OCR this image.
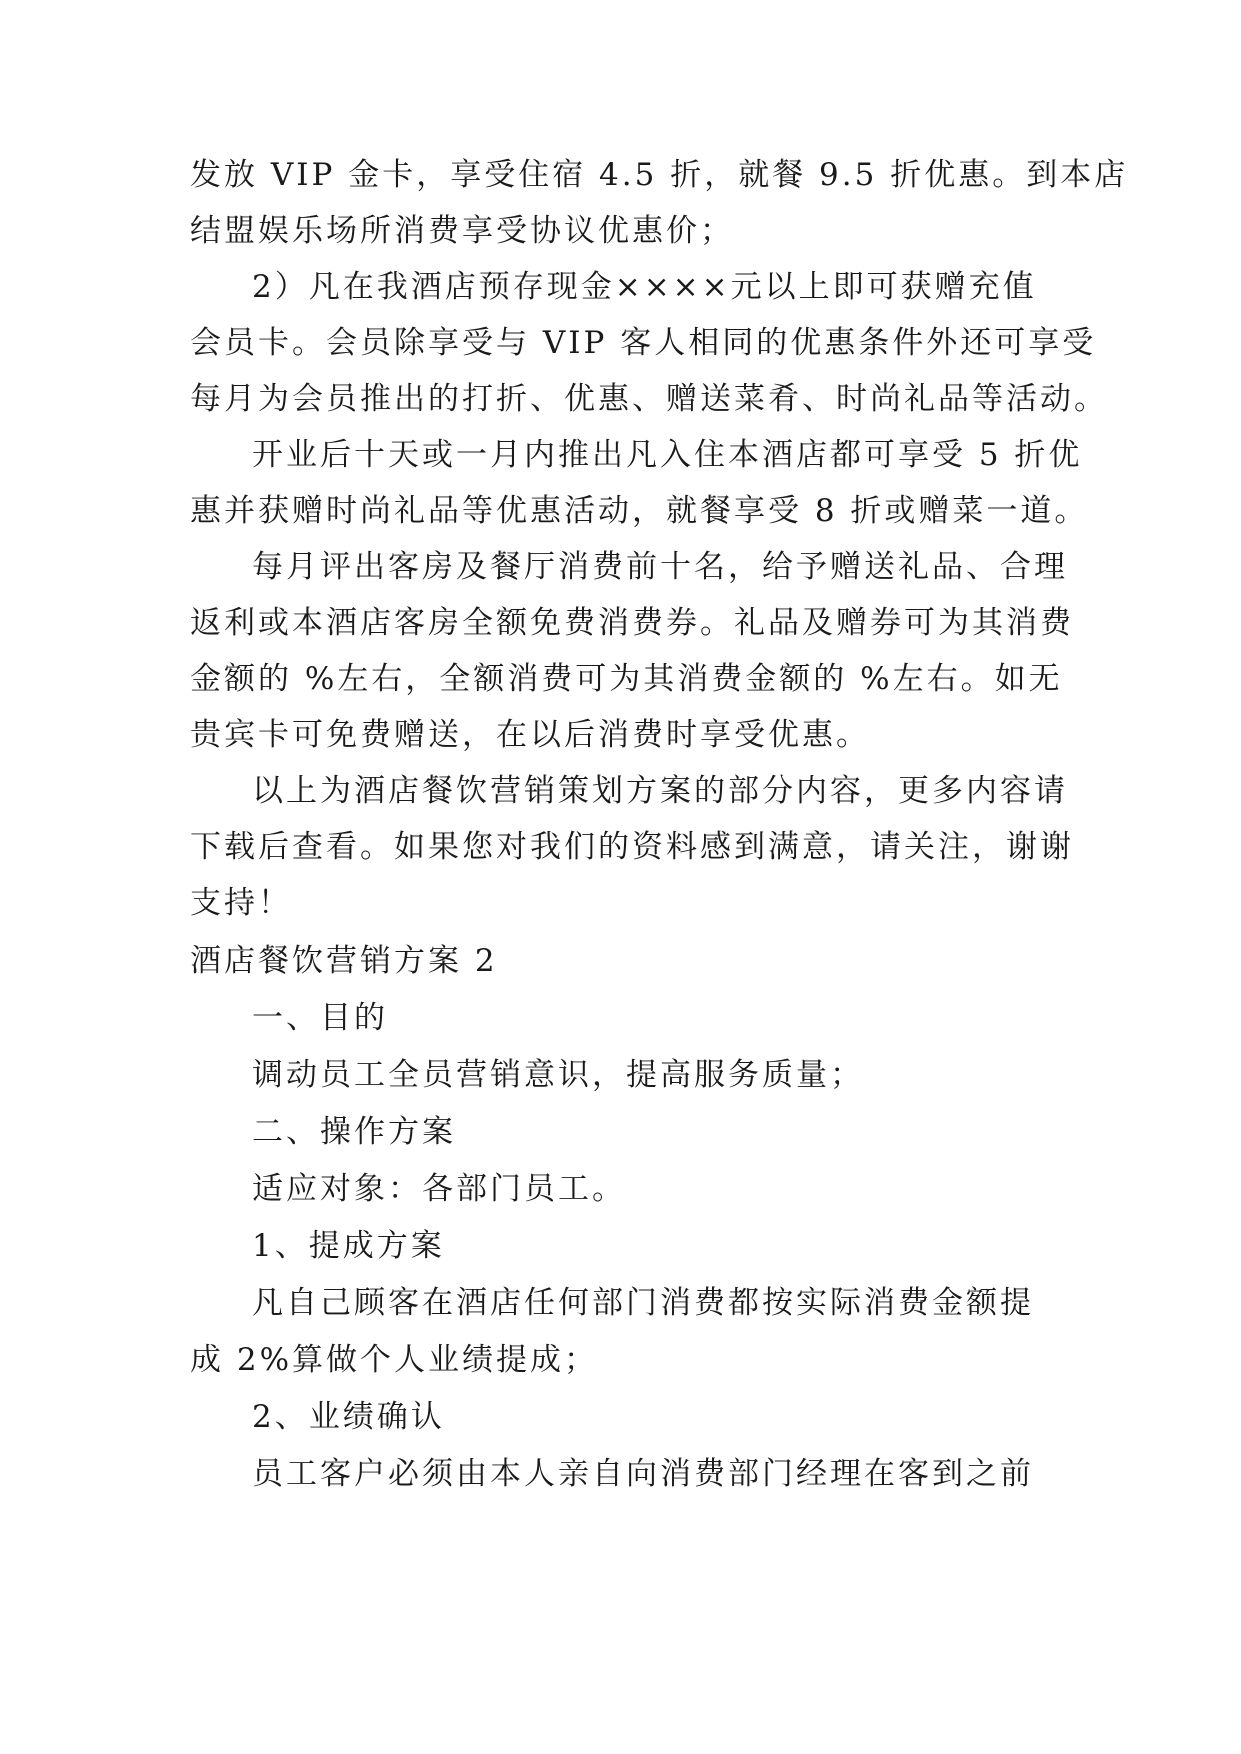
发放 VIP 金卡，享受住宿 4.5 折，就餐 9.5 折优惠。到本店
结盟娱乐场所消费享受协议优惠价；
2）凡在我酒店预存现金××××元以上即可获赠充值
会员卡。会员除享受与 VIP 客人相同的优惠条件外还可享受
每月为会员推出的打折、优惠、赠送菜肴、时尚礼品等活动。
开业后十天或一月内推出凡入住本酒店都可享受 5 折优
惠并获赠时尚礼品等优惠活动，就餐享受 8 折或赠菜一道。
每月评出客房及餐厅消费前十名，给予赠送礼品、合理
返利或本酒店客房全额免费消费券。礼品及赠券可为其消费
金额的 %左右，全额消费可为其消费金额的 %左右。如无
贵宾卡可免费赠送，在以后消费时享受优惠。
以上为酒店餐饮营销策划方案的部分内容，更多内容请
下载后查看。如果您对我们的资料感到满意，请关注，谢谢
支持！
酒店餐饮营销方案 2
一、目的
调动员工全员营销意识，提高服务质量；
二、操作方案
适应对象：各部门员工。
1、提成方案
凡自己顾客在酒店任何部门消费都按实际消费金额提
成 2%算做个人业绩提成；
2、业绩确认
员工客户必须由本人亲自向消费部门经理在客到之前
